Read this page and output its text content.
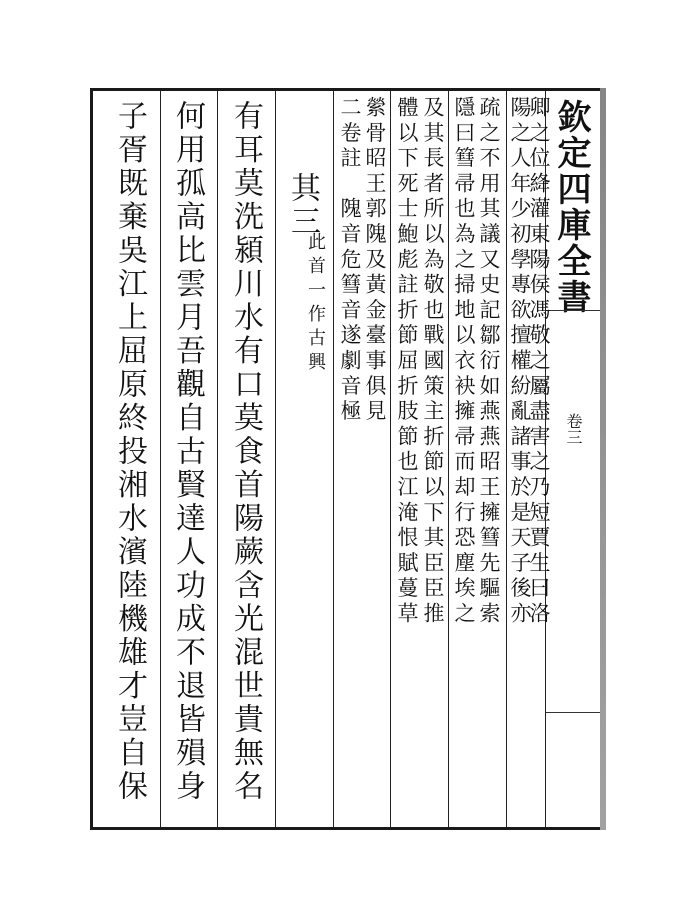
欽定四庫全書
卷三
卿之位絳灌東陽侯馮敬之屬盡害之乃短賈生曰洛
陽之人年少初學專欲擅權紛亂諸事於是天子後亦
疏之不用其議又史記鄒衍如燕燕昭王擁篲先驅索
隱曰篲帚也為之掃地以衣袂擁帚而却行恐塵埃之
及其長者所以為敬也戰國策主折節以下其臣臣推
體以下死士鮑彪註折節屈折肢節也江淹恨賦蔓草
縈骨昭王郭隗及黃金臺事俱見
二卷註　隗音危篲音遂劇音極
其三
此首一作古興
有耳莫洗潁川水有口莫食首陽蕨含光混世貴無名
何用孤高比雲月吾觀自古賢達人功成不退皆殞身
子胥既棄吳江上屈原終投湘水濱陸機雄才豈自保
